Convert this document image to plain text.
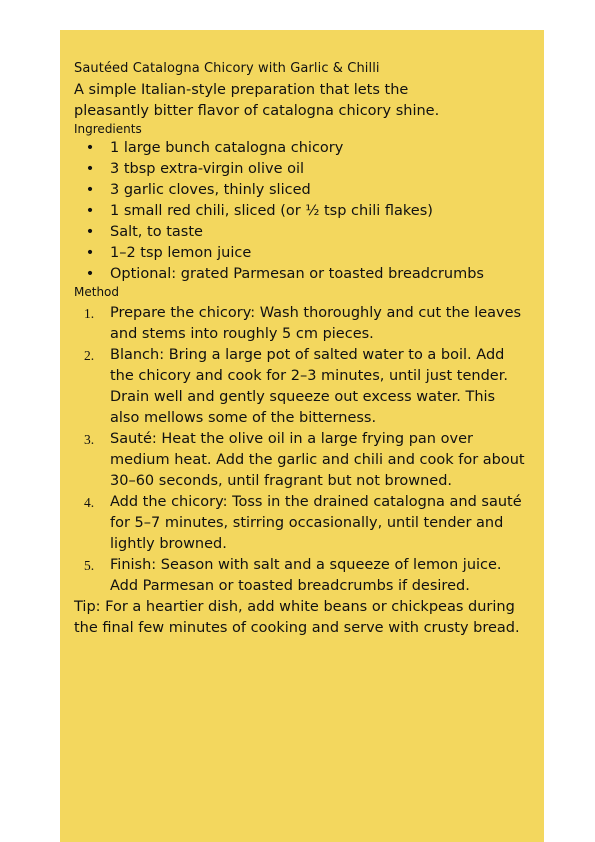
Sautéed Catalogna Chicory with Garlic & Chilli

A simple Italian-style preparation that lets the pleasantly bitter flavor of catalogna chicory shine.

Ingredients
• 1 large bunch catalogna chicory
• 3 tbsp extra-virgin olive oil
• 3 garlic cloves, thinly sliced
• 1 small red chili, sliced (or ½ tsp chili flakes)
• Salt, to taste
• 1–2 tsp lemon juice
• Optional: grated Parmesan or toasted breadcrumbs
Method
1. Prepare the chicory: Wash thoroughly and cut the leaves and stems into roughly 5 cm pieces.
2. Blanch: Bring a large pot of salted water to a boil. Add the chicory and cook for 2–3 minutes, until just tender. Drain well and gently squeeze out excess water. This also mellows some of the bitterness.
3. Sauté: Heat the olive oil in a large frying pan over medium heat. Add the garlic and chili and cook for about 30–60 seconds, until fragrant but not browned.
4. Add the chicory: Toss in the drained catalogna and sauté for 5–7 minutes, stirring occasionally, until tender and lightly browned.
5. Finish: Season with salt and a squeeze of lemon juice. Add Parmesan or toasted breadcrumbs if desired.

Tip: For a heartier dish, add white beans or chickpeas during the final few minutes of cooking and serve with crusty bread.
